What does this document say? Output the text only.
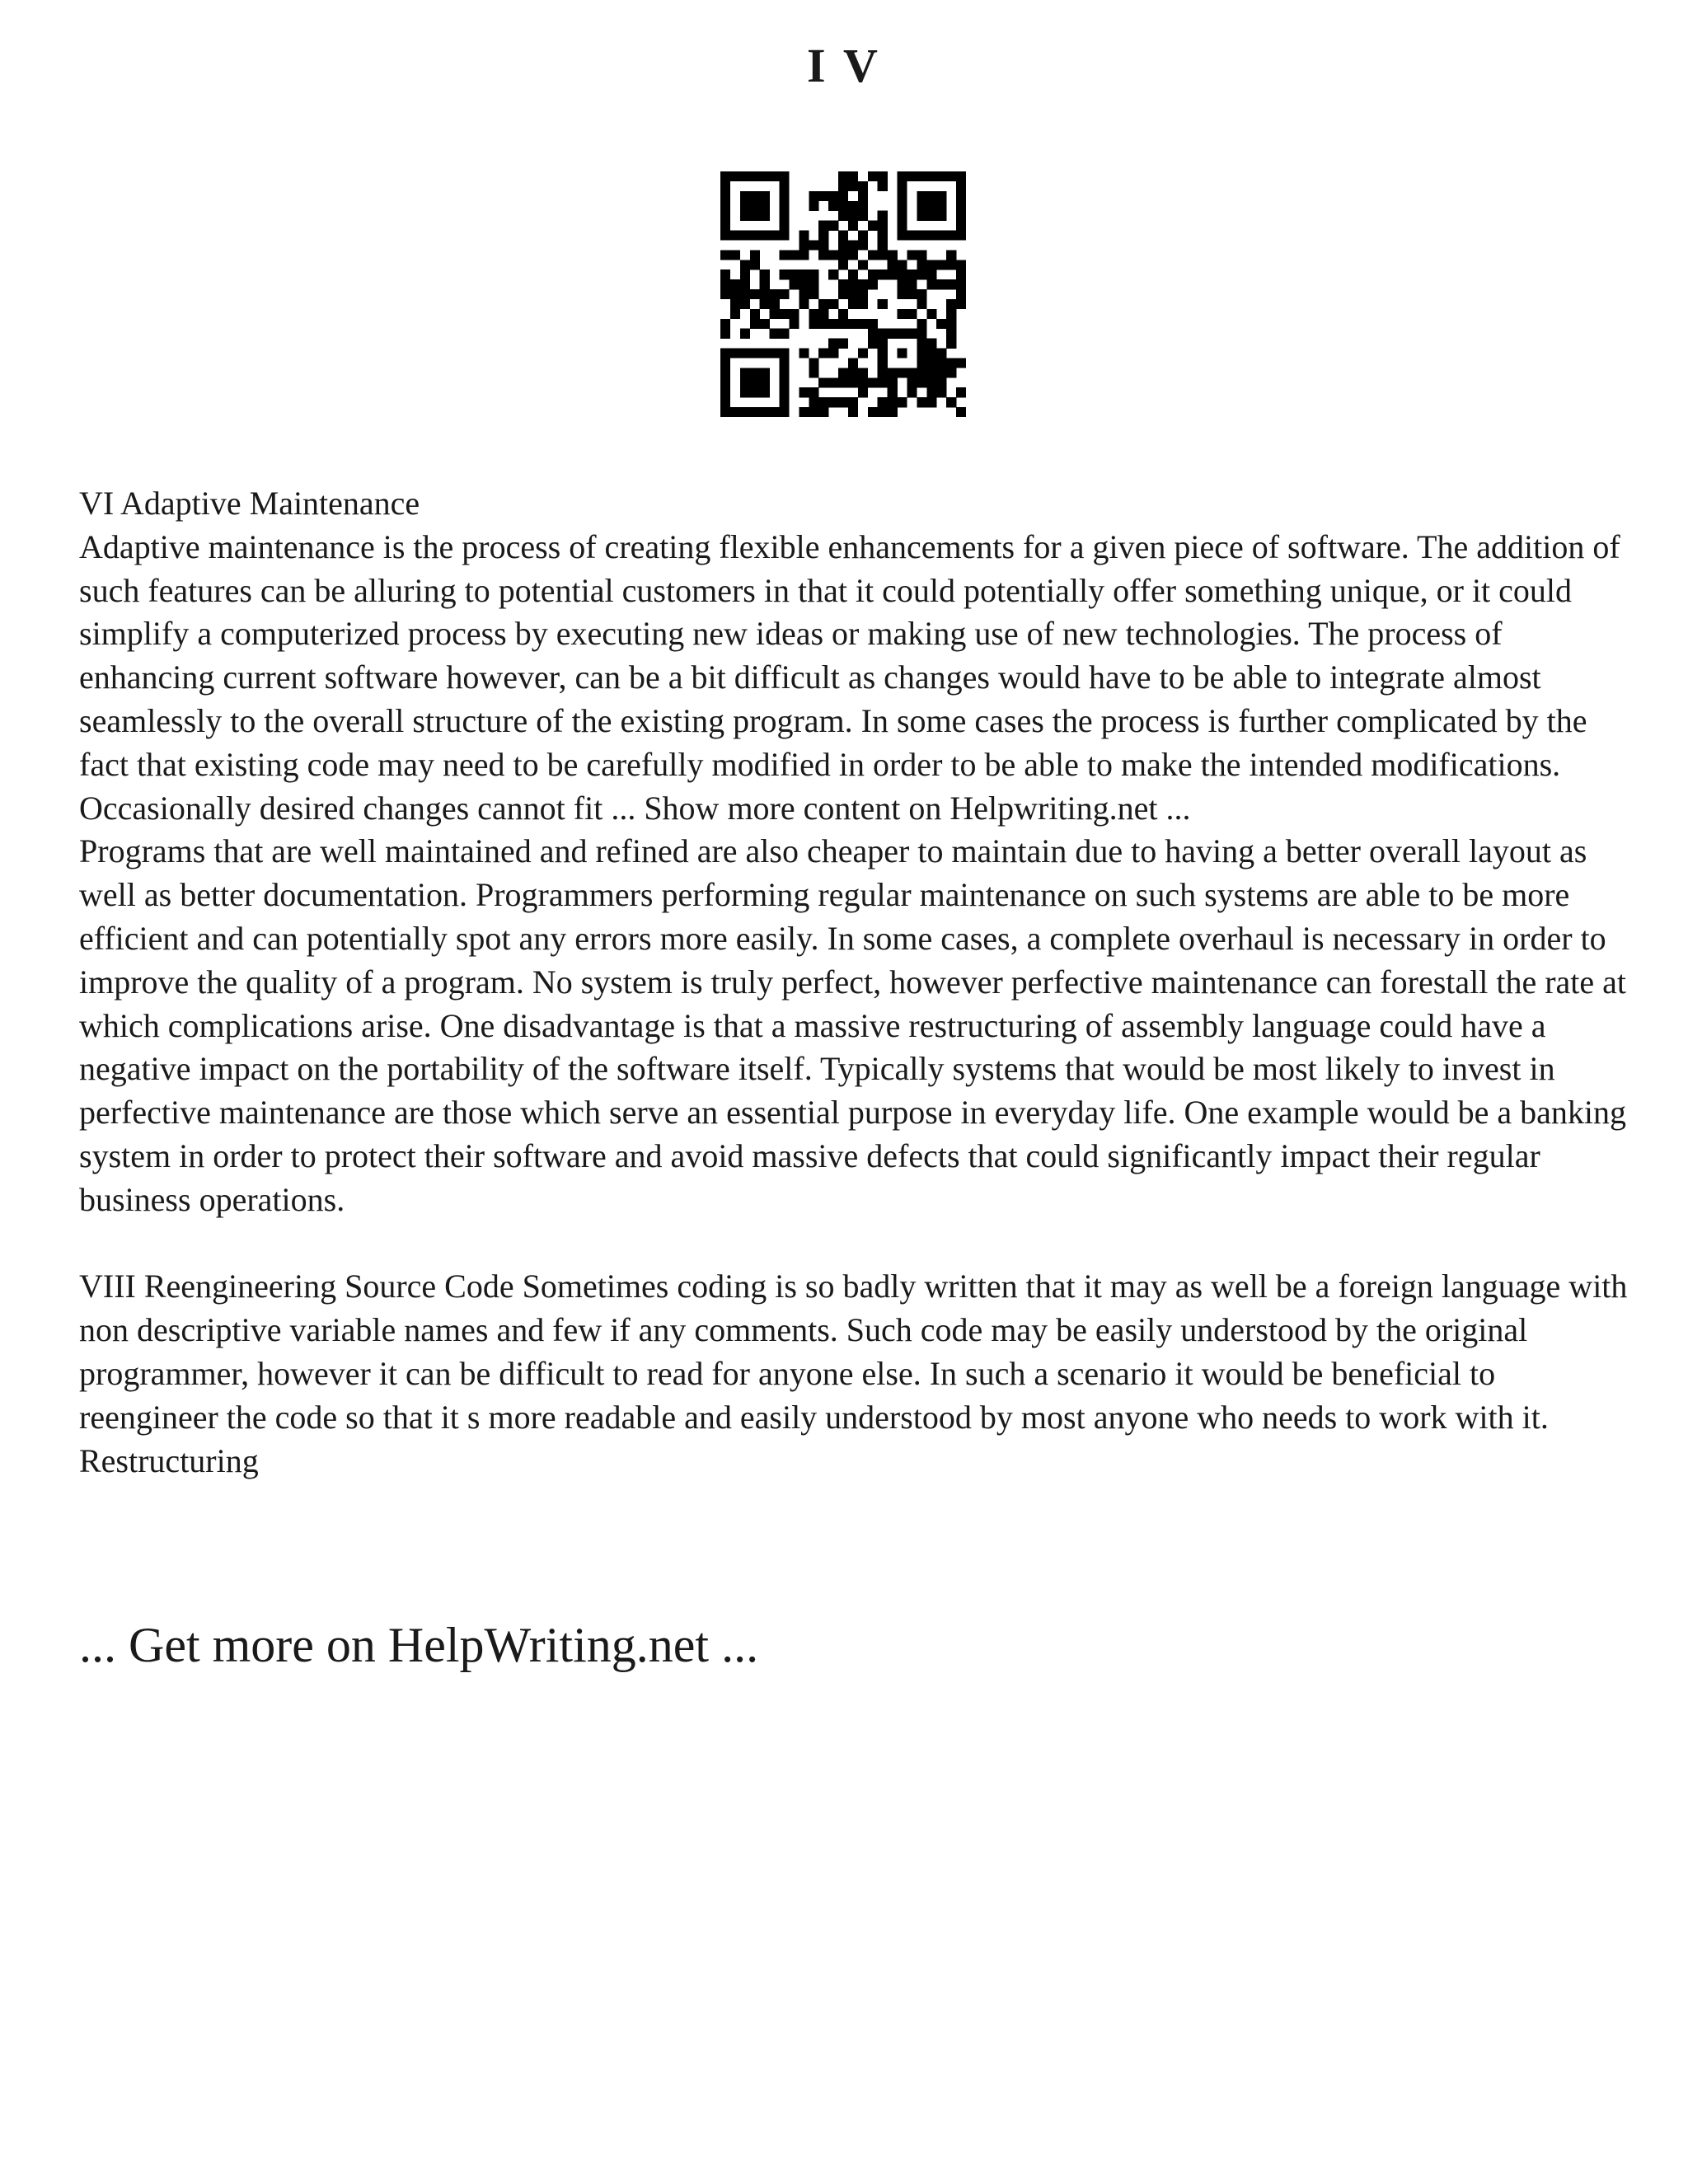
I V

VI Adaptive Maintenance

Adaptive maintenance is the process of creating flexible enhancements for a given piece of software. The addition of such features can be alluring to potential customers in that it could potentially offer something unique, or it could simplify a computerized process by executing new ideas or making use of new technologies. The process of enhancing current software however, can be a bit difficult as changes would have to be able to integrate almost seamlessly to the overall structure of the existing program. In some cases the process is further complicated by the fact that existing code may need to be carefully modified in order to be able to make the intended modifications.

Occasionally desired changes cannot fit ... Show more content on Helpwriting.net ...

Programs that are well maintained and refined are also cheaper to maintain due to having a better overall layout as well as better documentation. Programmers performing regular maintenance on such systems are able to be more efficient and can potentially spot any errors more easily. In some cases, a complete overhaul is necessary in order to improve the quality of a program. No system is truly perfect, however perfective maintenance can forestall the rate at which complications arise. One disadvantage is that a massive restructuring of assembly language could have a negative impact on the portability of the software itself. Typically systems that would be most likely to invest in perfective maintenance are those which serve an essential purpose in everyday life. One example would be a banking system in order to protect their software and avoid massive defects that could significantly impact their regular business operations.

VIII Reengineering Source Code Sometimes coding is so badly written that it may as well be a foreign language with non descriptive variable names and few if any comments. Such code may be easily understood by the original programmer, however it can be difficult to read for anyone else. In such a scenario it would be beneficial to reengineer the code so that it s more readable and easily understood by most anyone who needs to work with it. Restructuring

... Get more on HelpWriting.net ...
